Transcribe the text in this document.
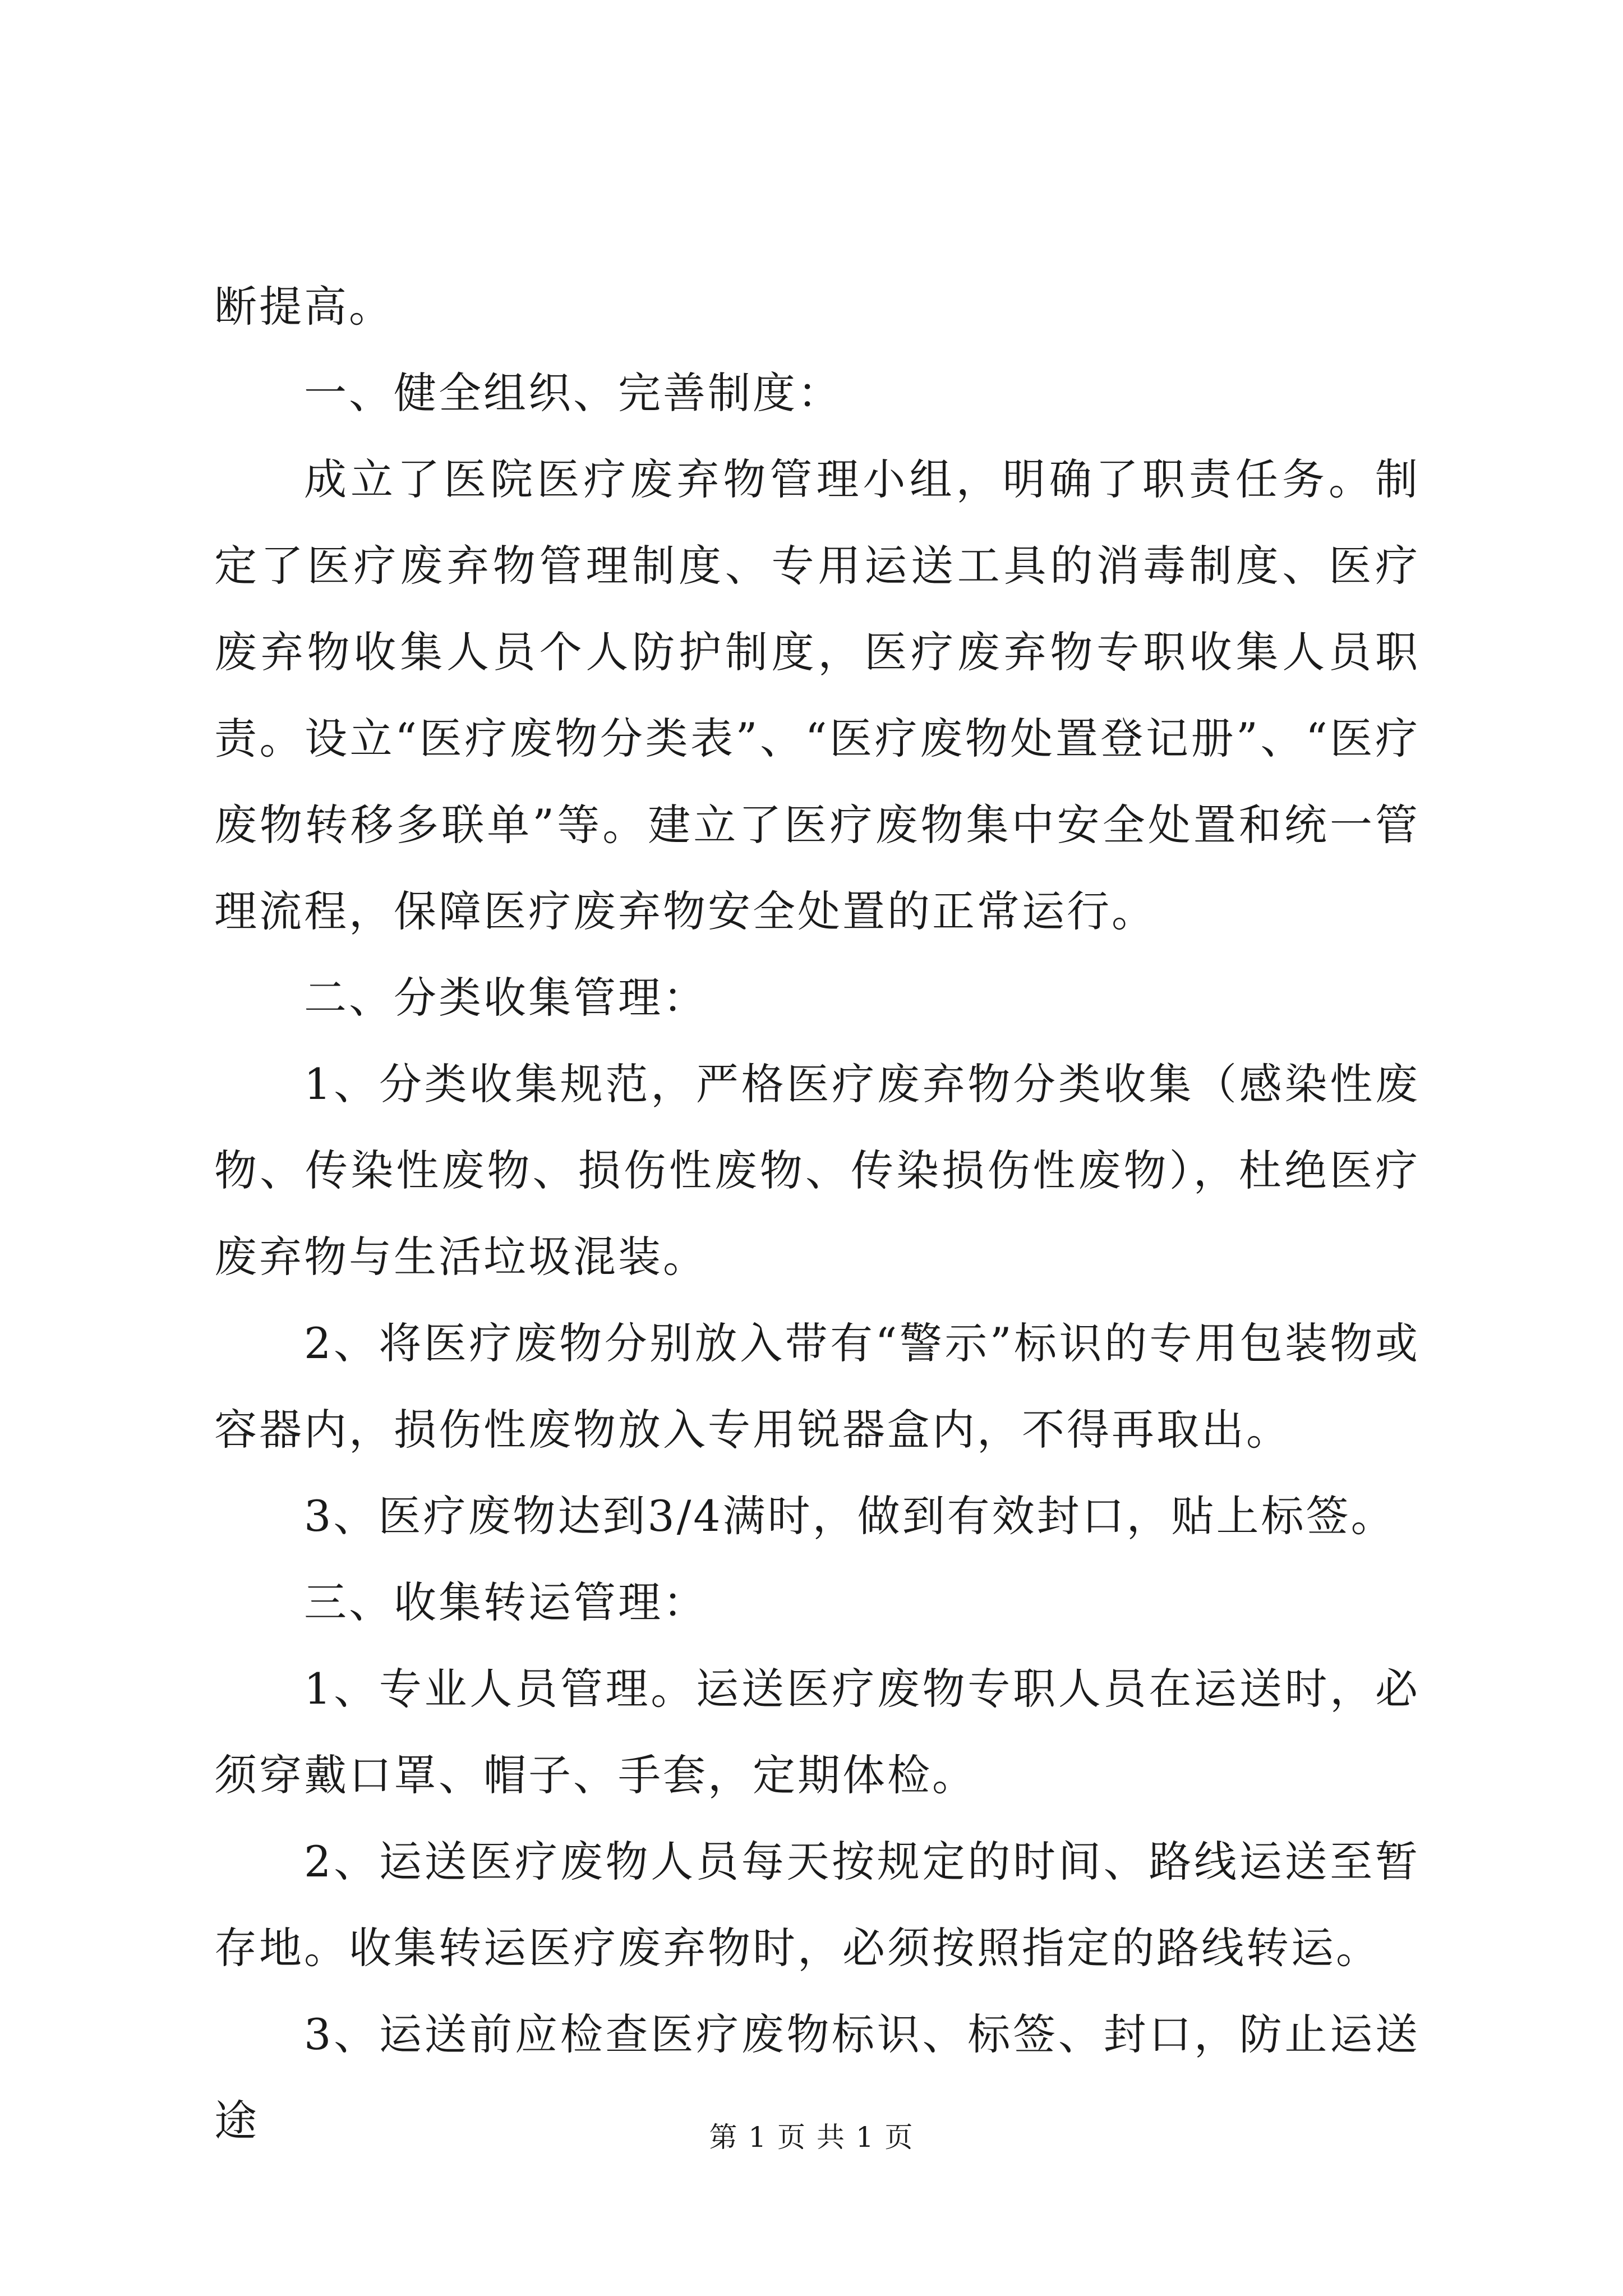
断提高。

一、健全组织、完善制度：

成立了医院医疗废弃物管理小组，明确了职责任务。制定了医疗废弃物管理制度、专用运送工具的消毒制度、医疗废弃物收集人员个人防护制度，医疗废弃物专职收集人员职责。设立“医疗废物分类表”、“医疗废物处置登记册”、“医疗废物转移多联单”等。建立了医疗废物集中安全处置和统一管理流程，保障医疗废弃物安全处置的正常运行。

二、分类收集管理：

1、分类收集规范，严格医疗废弃物分类收集（感染性废物、传染性废物、损伤性废物、传染损伤性废物），杜绝医疗废弃物与生活垃圾混装。

2、将医疗废物分别放入带有“警示”标识的专用包装物或容器内，损伤性废物放入专用锐器盒内，不得再取出。

3、医疗废物达到3/4满时，做到有效封口，贴上标签。

三、收集转运管理：

1、专业人员管理。运送医疗废物专职人员在运送时，必须穿戴口罩、帽子、手套，定期体检。

2、运送医疗废物人员每天按规定的时间、路线运送至暂存地。收集转运医疗废弃物时，必须按照指定的路线转运。

3、运送前应检查医疗废物标识、标签、封口，防止运送途	第 1 页 共 1 页
